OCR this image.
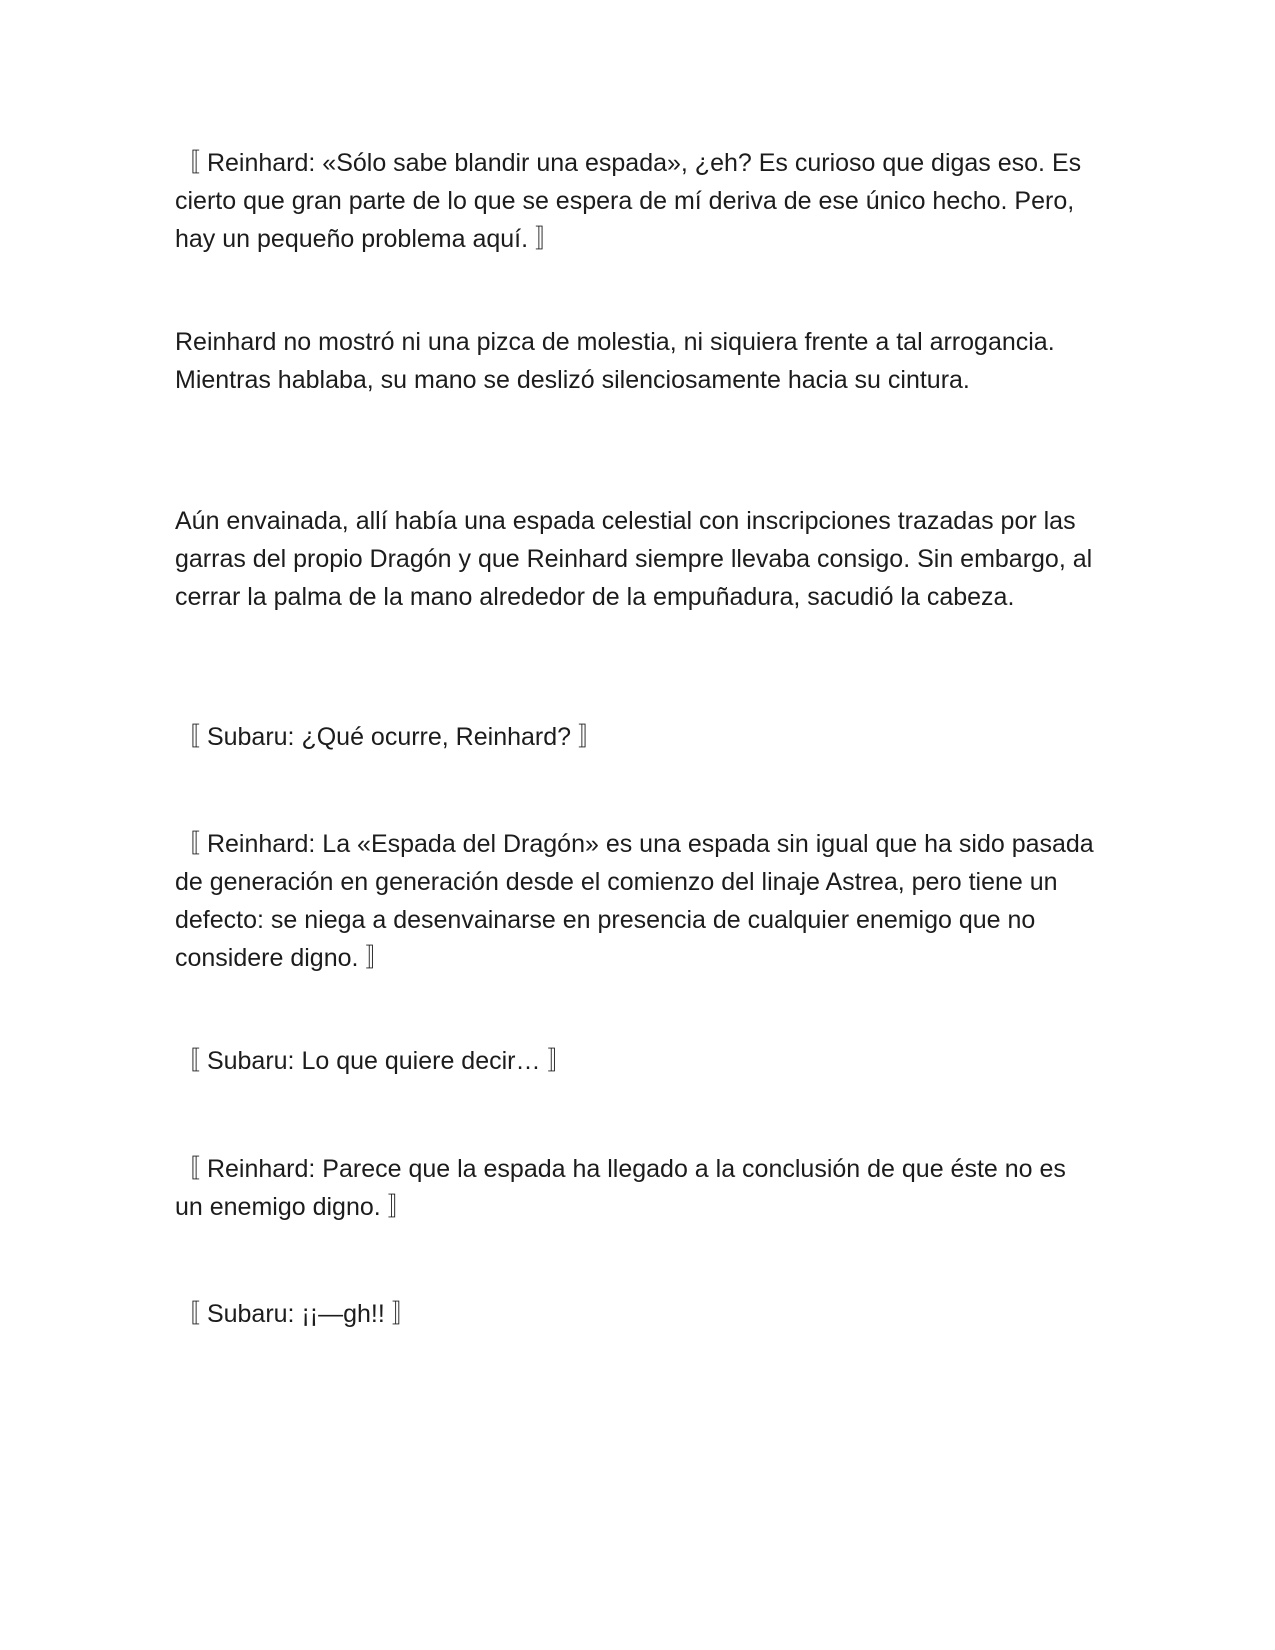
〚 Reinhard: «Sólo sabe blandir una espada», ¿eh? Es curioso que digas eso. Es cierto que gran parte de lo que se espera de mí deriva de ese único hecho. Pero, hay un pequeño problema aquí. 〛

Reinhard no mostró ni una pizca de molestia, ni siquiera frente a tal arrogancia. Mientras hablaba, su mano se deslizó silenciosamente hacia su cintura.

Aún envainada, allí había una espada celestial con inscripciones trazadas por las garras del propio Dragón y que Reinhard siempre llevaba consigo. Sin embargo, al cerrar la palma de la mano alrededor de la empuñadura, sacudió la cabeza.

〚 Subaru: ¿Qué ocurre, Reinhard? 〛

〚 Reinhard: La «Espada del Dragón» es una espada sin igual que ha sido pasada de generación en generación desde el comienzo del linaje Astrea, pero tiene un defecto: se niega a desenvainarse en presencia de cualquier enemigo que no considere digno. 〛

〚 Subaru: Lo que quiere decir… 〛

〚 Reinhard: Parece que la espada ha llegado a la conclusión de que éste no es un enemigo digno. 〛

〚 Subaru: ¡¡—gh!! 〛
